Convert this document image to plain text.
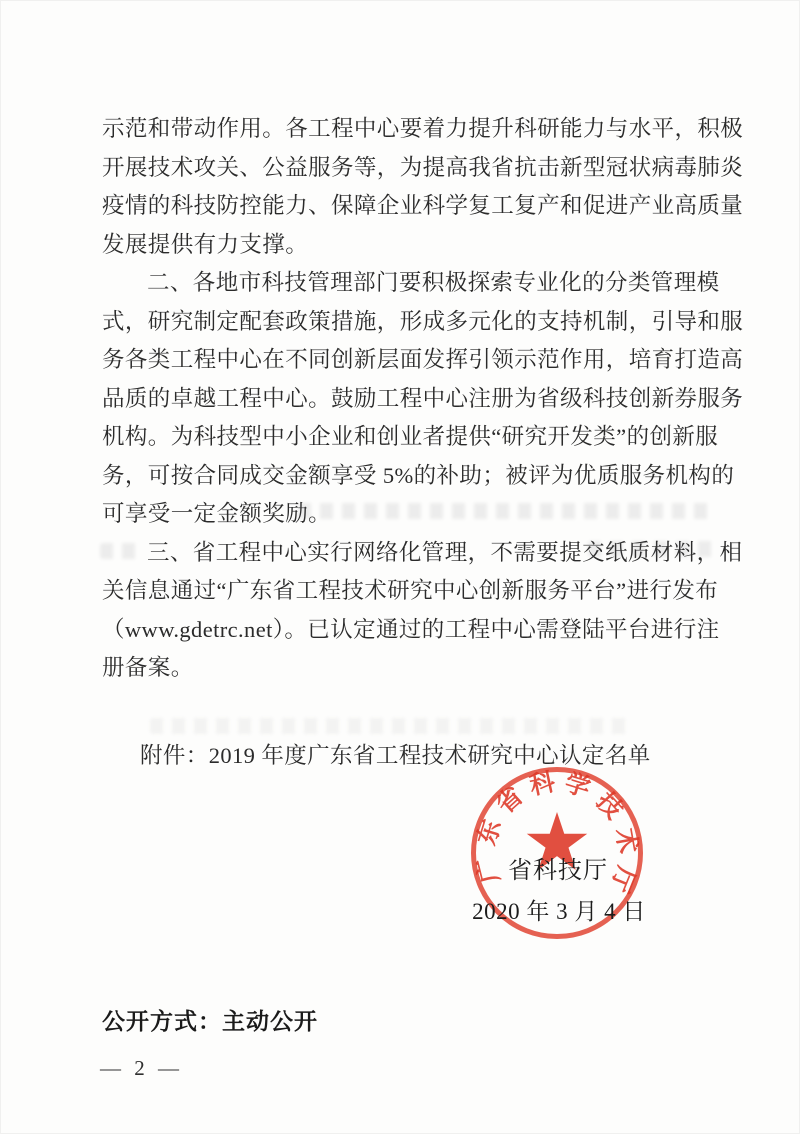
示范和带动作用。各工程中心要着力提升科研能力与水平，积极
开展技术攻关、公益服务等，为提高我省抗击新型冠状病毒肺炎
疫情的科技防控能力、保障企业科学复工复产和促进产业高质量
发展提供有力支撑。
二、各地市科技管理部门要积极探索专业化的分类管理模
式，研究制定配套政策措施，形成多元化的支持机制，引导和服
务各类工程中心在不同创新层面发挥引领示范作用，培育打造高
品质的卓越工程中心。鼓励工程中心注册为省级科技创新券服务
机构。为科技型中小企业和创业者提供“研究开发类”的创新服
务，可按合同成交金额享受 5%的补助；被评为优质服务机构的
可享受一定金额奖励。
三、省工程中心实行网络化管理，不需要提交纸质材料，相
关信息通过“广东省工程技术研究中心创新服务平台”进行发布
（www.gdetrc.net）。已认定通过的工程中心需登陆平台进行注
册备案。
附件：2019 年度广东省工程技术研究中心认定名单
广
东
省
科 学
技
术
厅
省科技厅
2020 年 3 月 4 日
公开方式：主动公开
— 2 —
